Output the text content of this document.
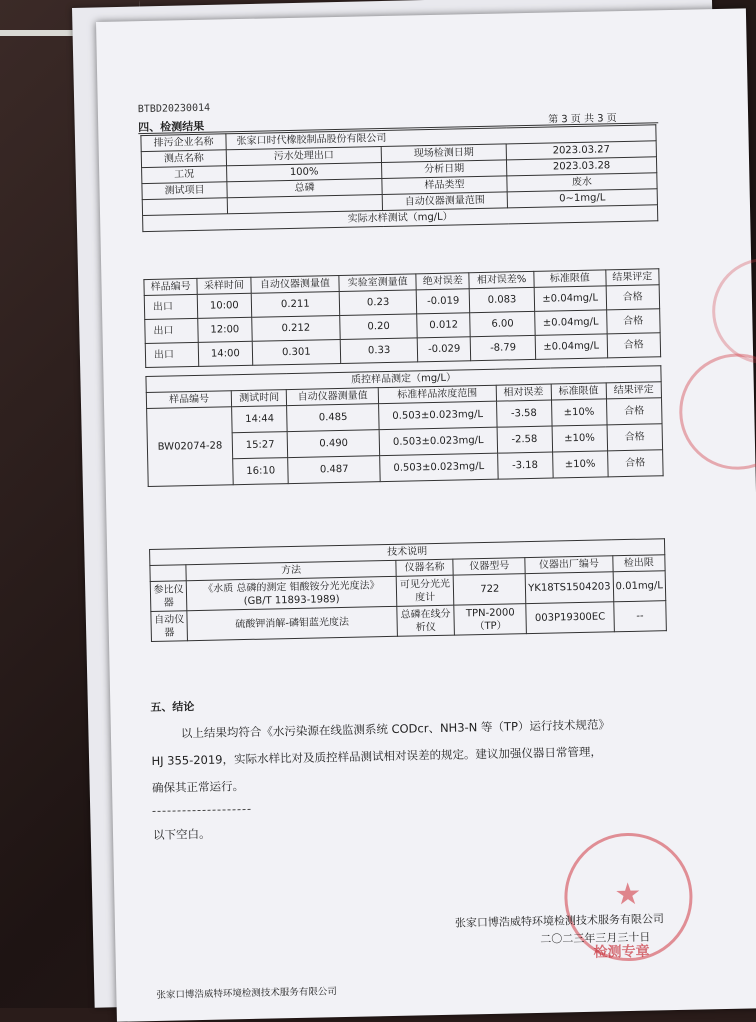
BTBD20230014
四、检测结果
第 3 页 共 3 页
排污企业名称	张家口时代橡胶制品股份有限公司		
测点名称	污水处理出口	现场检测日期	2023.03.27
工况	100%	分析日期	2023.03.28
测试项目	总磷	样品类型	废水
		自动仪器测量范围	0~1mg/L
实际水样测试（mg/L）			
样品编号	采样时间	自动仪器测量值	实验室测量值	绝对误差	相对误差%	标准限值	结果评定
出口	10:00	0.211	0.23	-0.019	0.083	±0.04mg/L	合格
出口	12:00	0.212	0.20	0.012	6.00	±0.04mg/L	合格
出口	14:00	0.301	0.33	-0.029	-8.79	±0.04mg/L	合格
质控样品测定（mg/L）						
样品编号	测试时间	自动仪器测量值	标准样品浓度范围	相对误差	标准限值	结果评定
BW02074-28	14:44	0.485	0.503±0.023mg/L	-3.58	±10%	合格
	15:27	0.490	0.503±0.023mg/L	-2.58	±10%	合格
	16:10	0.487	0.503±0.023mg/L	-3.18	±10%	合格
技术说明					
	方法	仪器名称	仪器型号	仪器出厂编号	检出限
参比仪器	《水质 总磷的测定 钼酸铵分光光度法》(GB/T 11893-1989)	可见分光光度计	722	YK18TS1504203	0.01mg/L
自动仪器	硫酸钾消解-磷钼蓝光度法	总磷在线分析仪	TPN-2000（TP）	003P19300EC	--
五、结论
以上结果均符合《水污染源在线监测系统 CODcr、NH3-N 等（TP）运行技术规范》
HJ 355-2019，实际水样比对及质控样品测试相对误差的规定。建议加强仪器日常管理，
确保其正常运行。
以下空白。
★
检测专章
张家口博浩威特环境检测技术服务有限公司
二〇二三年三月三十日
张家口博浩威特环境检测技术服务有限公司
